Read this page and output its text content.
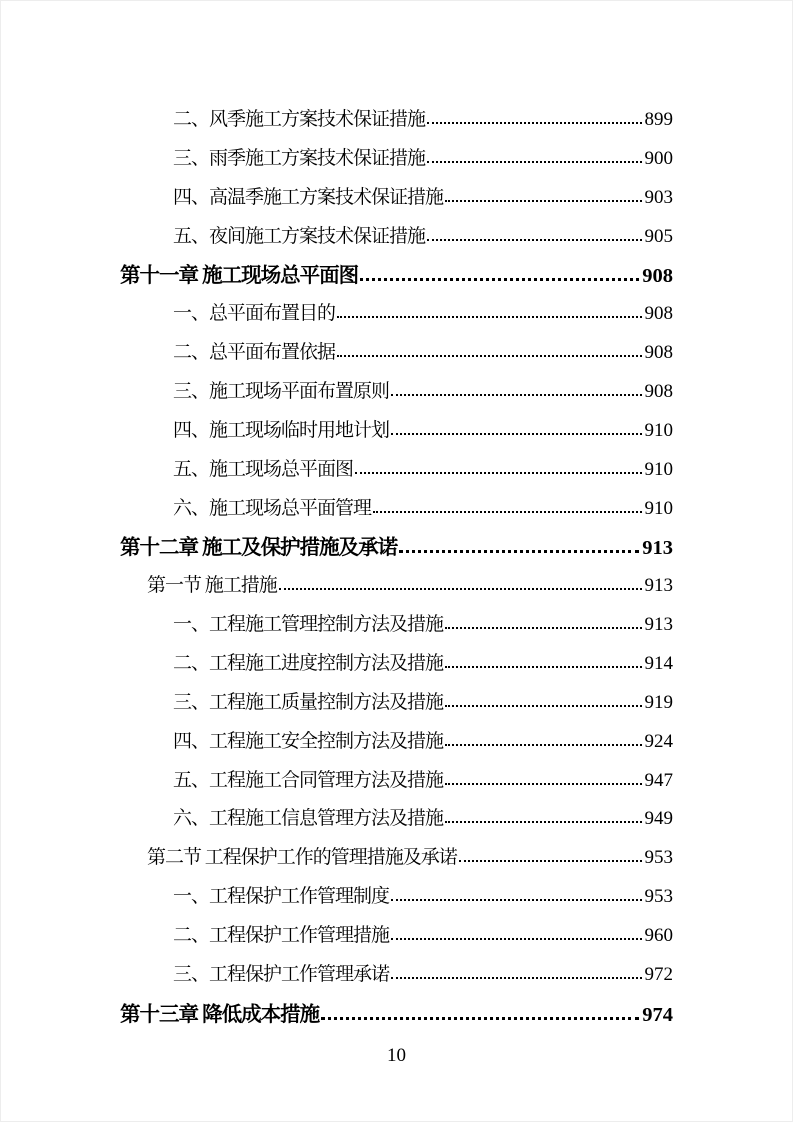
二、风季施工方案技术保证措施	899
三、雨季施工方案技术保证措施	900
四、高温季施工方案技术保证措施	903
五、夜间施工方案技术保证措施	905
第十一章 施工现场总平面图	908
一、总平面布置目的	908
二、总平面布置依据	908
三、施工现场平面布置原则	908
四、施工现场临时用地计划	910
五、施工现场总平面图	910
六、施工现场总平面管理	910
第十二章 施工及保护措施及承诺	913
第一节 施工措施	913
一、工程施工管理控制方法及措施	913
二、工程施工进度控制方法及措施	914
三、工程施工质量控制方法及措施	919
四、工程施工安全控制方法及措施	924
五、工程施工合同管理方法及措施	947
六、工程施工信息管理方法及措施	949
第二节 工程保护工作的管理措施及承诺	953
一、工程保护工作管理制度	953
二、工程保护工作管理措施	960
三、工程保护工作管理承诺	972
第十三章 降低成本措施	974
10
